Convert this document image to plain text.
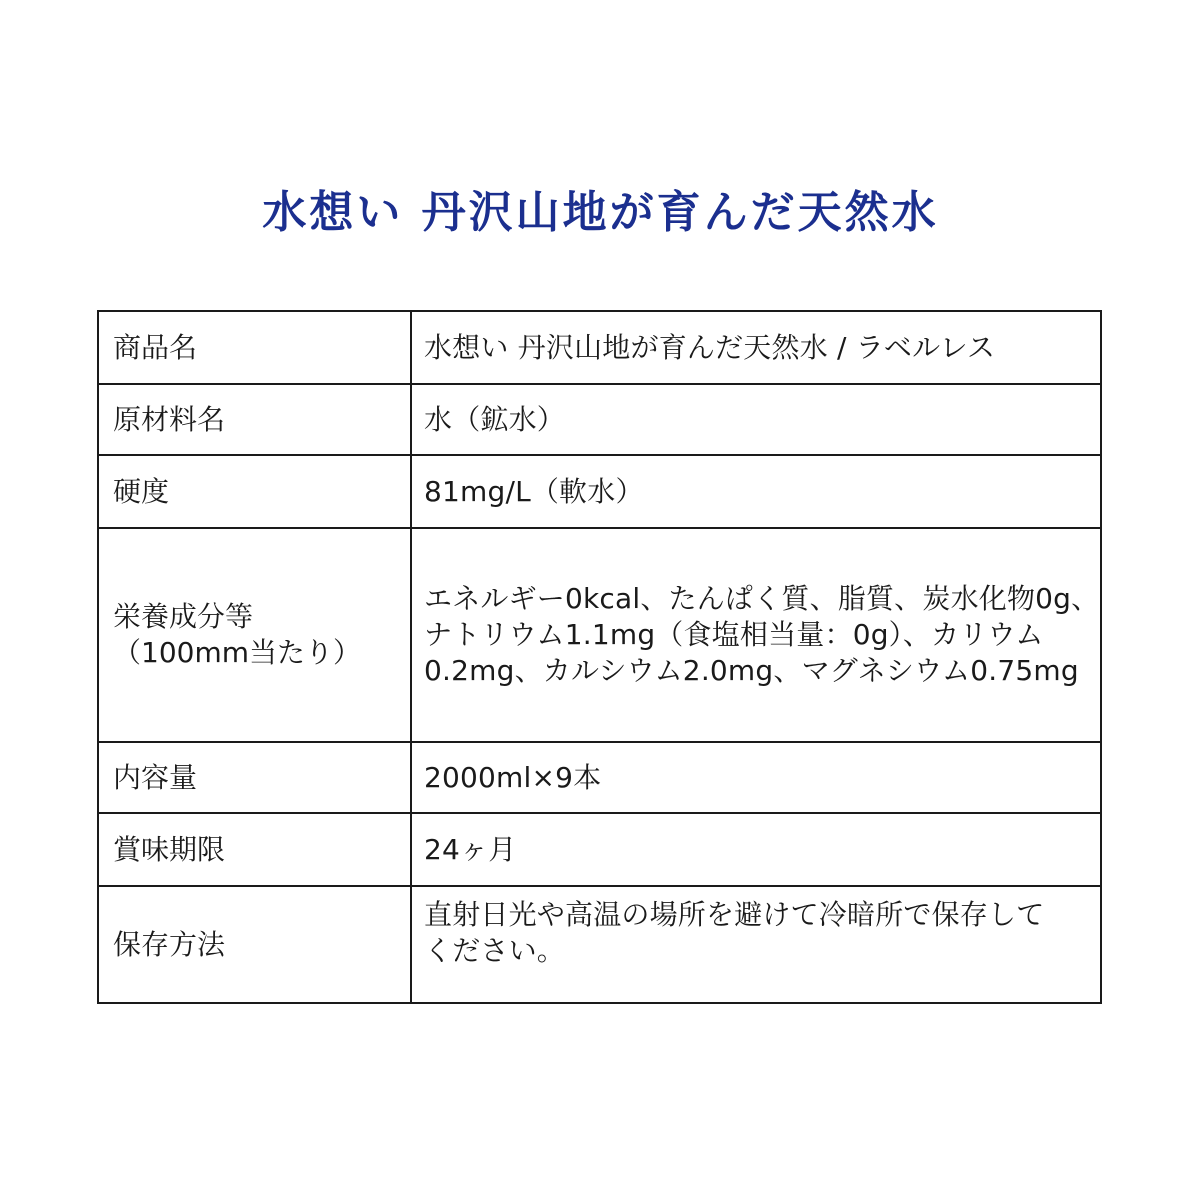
水想い 丹沢山地が育んだ天然水
商品名	水想い 丹沢山地が育んだ天然水 / ラベルレス

原材料名	水（鉱水）

硬度	81mg/L（軟水）

栄養成分等
（100mm当たり）	エネルギー0kcal、たんぱく質、脂質、炭水化物0g、
ナトリウム1.1mg（食塩相当量：0g）、カリウム
0.2mg、カルシウム2.0mg、マグネシウム0.75mg

内容量	2000ml×9本

賞味期限	24ヶ月

保存方法	直射日光や高温の場所を避けて冷暗所で保存して
ください。
